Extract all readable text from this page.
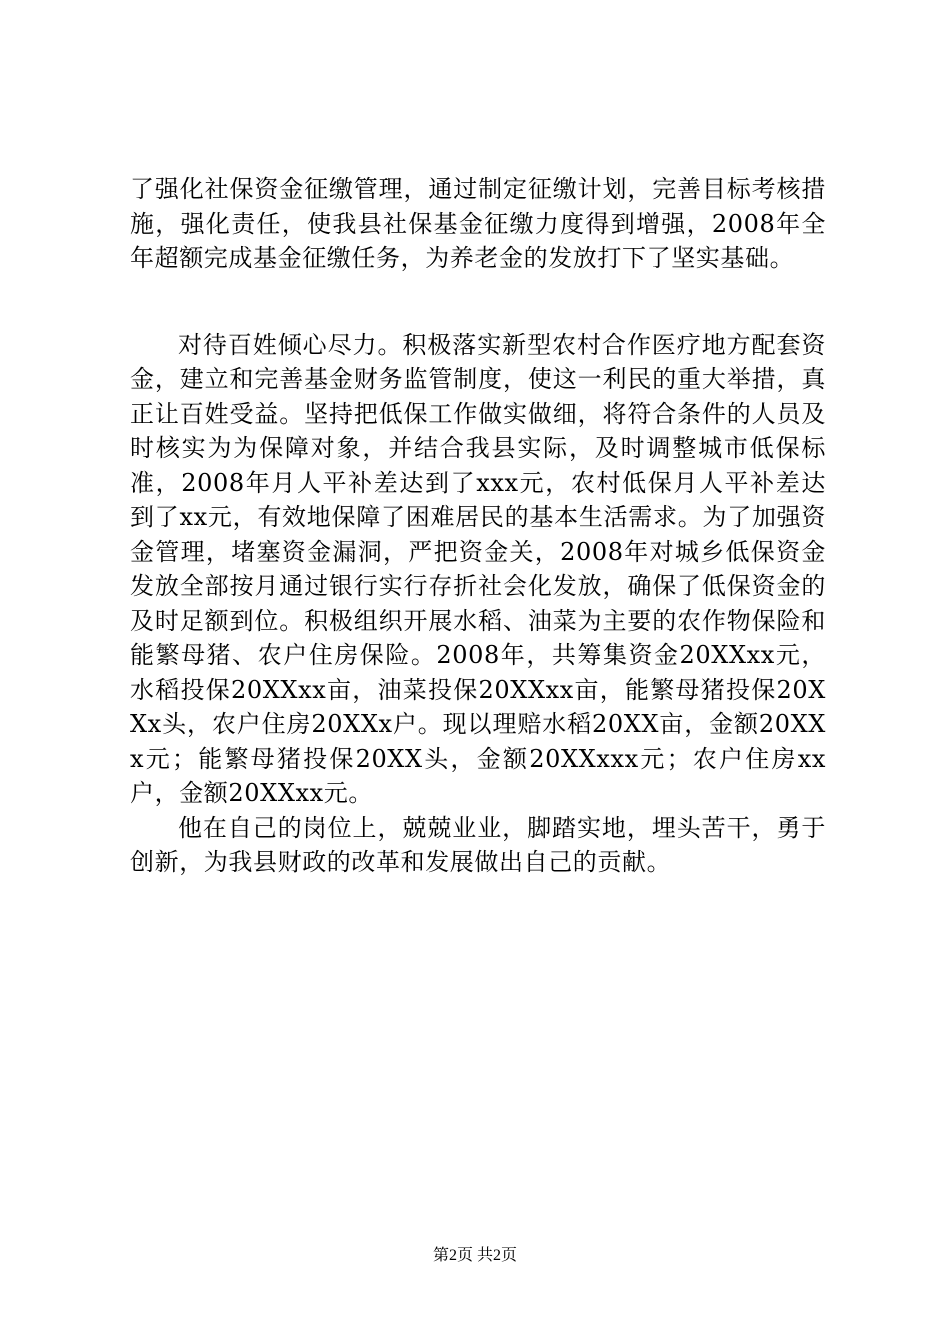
了强化社保资金征缴管理，通过制定征缴计划，完善目标考核措施，强化责任，使我县社保基金征缴力度得到增强，2008年全年超额完成基金征缴任务，为养老金的发放打下了坚实基础。

对待百姓倾心尽力。积极落实新型农村合作医疗地方配套资金，建立和完善基金财务监管制度，使这一利民的重大举措，真正让百姓受益。坚持把低保工作做实做细，将符合条件的人员及时核实为为保障对象，并结合我县实际，及时调整城市低保标准，2008年月人平补差达到了xxx元，农村低保月人平补差达到了xx元，有效地保障了困难居民的基本生活需求。为了加强资金管理，堵塞资金漏洞，严把资金关，2008年对城乡低保资金发放全部按月通过银行实行存折社会化发放，确保了低保资金的及时足额到位。积极组织开展水稻、油菜为主要的农作物保险和能繁母猪、农户住房保险。2008年，共筹集资金20XXxx元，水稻投保20XXxx亩，油菜投保20XXxx亩，能繁母猪投保20XXx头，农户住房20XXx户。现以理赔水稻20XX亩，金额20XXx元；能繁母猪投保20XX头，金额20XXxxx元；农户住房xx户，金额20XXxx元。

他在自己的岗位上，兢兢业业，脚踏实地，埋头苦干，勇于创新，为我县财政的改革和发展做出自己的贡献。

第2页 共2页
